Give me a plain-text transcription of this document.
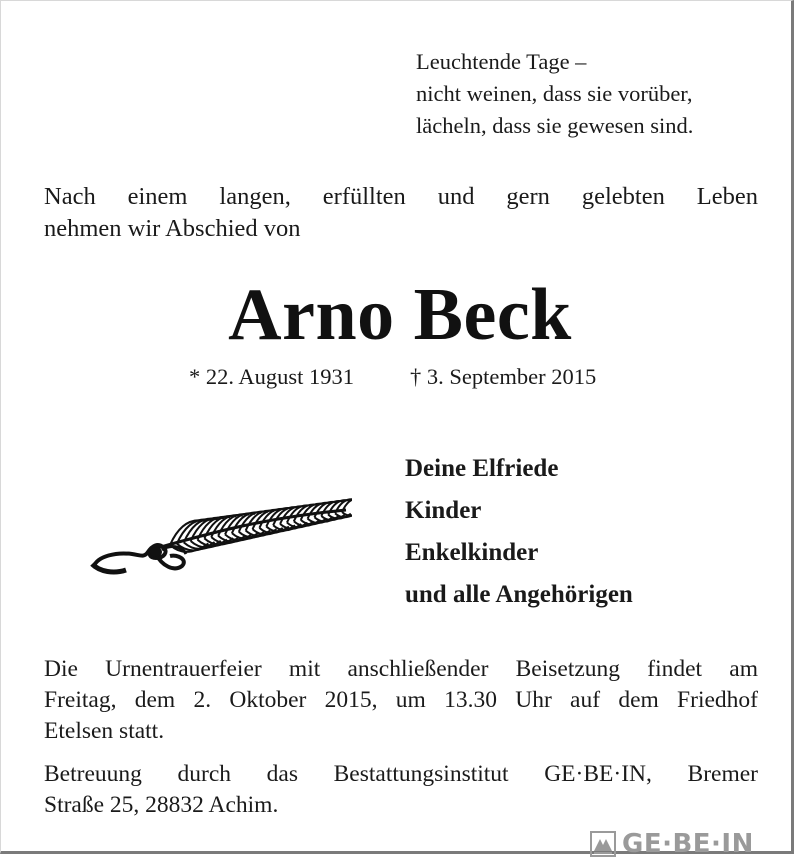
Leuchtende Tage –
nicht weinen, dass sie vorüber,
lächeln, dass sie gewesen sind.
Nach einem langen, erfüllten und gern gelebten Leben
nehmen wir Abschied von
Arno Beck
* 22. August 1931 † 3. September 2015
Deine Elfriede
Kinder
Enkelkinder
und alle Angehörigen

Die Urnentrauerfeier mit anschließender Beisetzung findet am
Freitag, dem 2. Oktober 2015, um 13.30 Uhr auf dem Friedhof
Etelsen statt.

Betreuung durch das Bestattungsinstitut GE·BE·IN, Bremer
Straße 25, 28832 Achim.

GE·BE·IN
